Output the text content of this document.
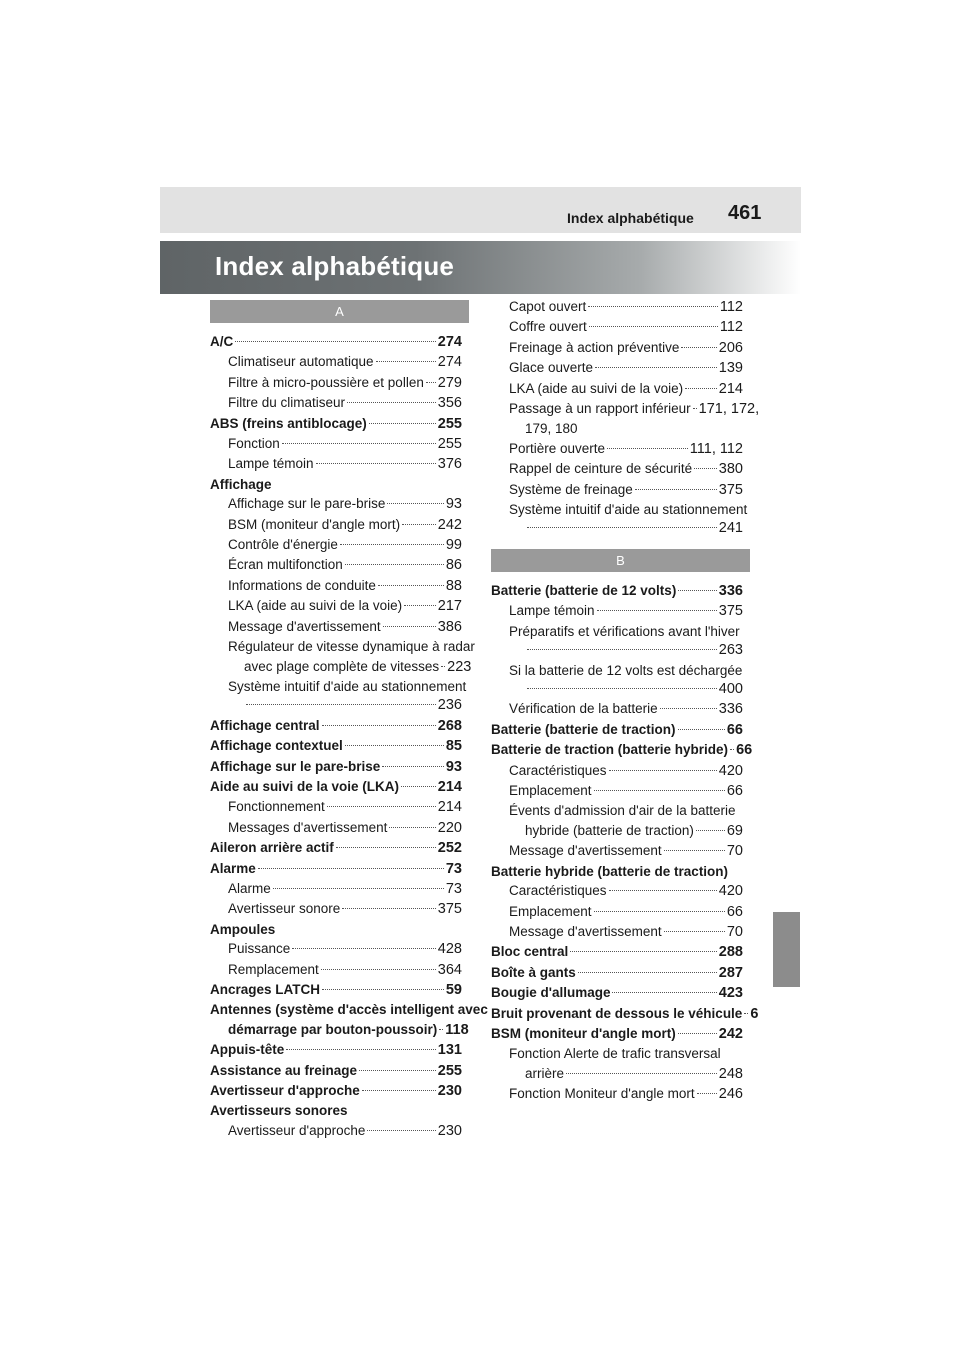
Index alphabétique 461
Index alphabétique
A
B
A/C	274
Climatiseur automatique	274
Filtre à micro-poussière et pollen 279
Filtre du climatiseur	356
ABS (freins antiblocage)	255
Fonction	255
Lampe témoin	376
Affichage
Affichage sur le pare-brise	93
BSM (moniteur d'angle mort)	242
Contrôle d'énergie	99
Écran multifonction	86
Informations de conduite	88
LKA (aide au suivi de la voie) 217
Message d'avertissement	386
Régulateur de vitesse dynamique à radar
avec plage complète de vitesses 223
Système intuitif d'aide au stationnement
236
Affichage central	268
Affichage contextuel	85
Affichage sur le pare-brise	93
Aide au suivi de la voie (LKA)	214
Fonctionnement	214
Messages d'avertissement	220
Aileron arrière actif	252
Alarme	73
Alarme	73
Avertisseur sonore	375
Ampoules
Puissance	428
Remplacement	364
Ancrages LATCH	59
Antennes (système d'accès intelligent avec
démarrage par bouton-poussoir) 118
Appuis-tête	131
Assistance au freinage	255
Avertisseur d'approche	230
Avertisseurs sonores
Avertisseur d'approche	230
Capot ouvert	112
Coffre ouvert	112
Freinage à action préventive	206
Glace ouverte	139
LKA (aide au suivi de la voie) 214
Passage à un rapport inférieur 171, 172,
179, 180
Portière ouverte	111, 112
Rappel de ceinture de sécurité 380
Système de freinage	375
Système intuitif d'aide au stationnement
241
Batterie (batterie de 12 volts)	336
Lampe témoin	375
Préparatifs et vérifications avant l'hiver
263
Si la batterie de 12 volts est déchargée
400
Vérification de la batterie	336
Batterie (batterie de traction)	66
Batterie de traction (batterie hybride) 66
Caractéristiques	420
Emplacement	66
Évents d'admission d'air de la batterie
hybride (batterie de traction) 69
Message d'avertissement	70
Batterie hybride (batterie de traction)
Caractéristiques	420
Emplacement	66
Message d'avertissement	70
Bloc central	288
Boîte à gants	287
Bougie d'allumage	423
Bruit provenant de dessous le véhicule 6
BSM (moniteur d'angle mort)	242
Fonction Alerte de trafic transversal
arrière	248
Fonction Moniteur d'angle mort 246
